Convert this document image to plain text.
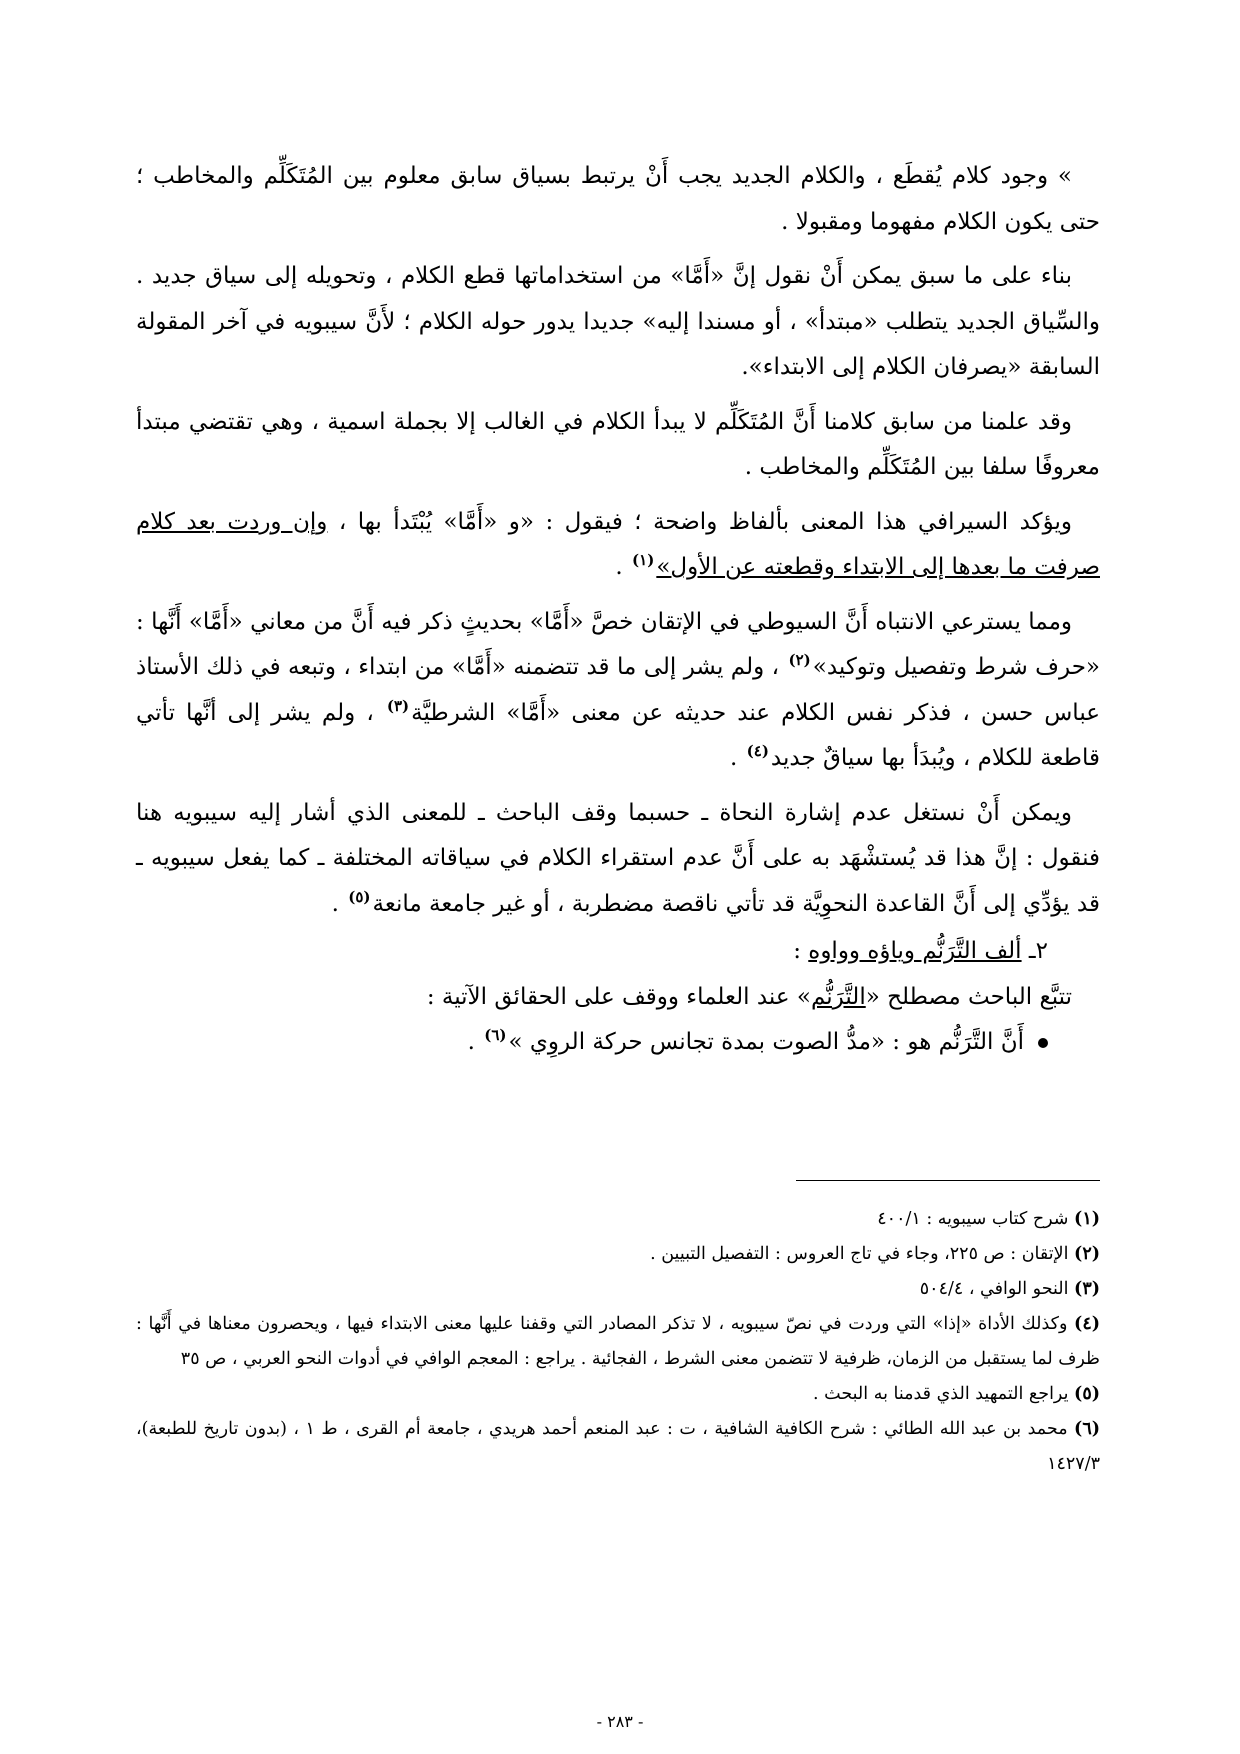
» وجود كلام يُقطَع ، والكلام الجديد يجب أَنْ يرتبط بسياق سابق معلوم بين المُتَكَلِّم والمخاطب ؛ حتى يكون الكلام مفهوما ومقبولا .

بناء على ما سبق يمكن أَنْ نقول إنَّ «أَمَّا» من استخداماتها قطع الكلام ، وتحويله إلى سياق جديد . والسِّياق الجديد يتطلب «مبتدأ» ، أو مسندا إليه» جديدا يدور حوله الكلام ؛ لأَنَّ سيبويه في آخر المقولة السابقة «يصرفان الكلام إلى الابتداء».

وقد علمنا من سابق كلامنا أَنَّ المُتَكَلِّم لا يبدأ الكلام في الغالب إلا بجملة اسمية ، وهي تقتضي مبتدأ معروفًا سلفا بين المُتَكَلِّم والمخاطب .

ويؤكد السيرافي هذا المعنى بألفاظ واضحة ؛ فيقول : «و «أَمَّا» يُبْتَدأ بها ، وإن وردت بعد كلام صرفت ما بعدها إلى الابتداء وقطعته عن الأول»$^{(١)}$ .

ومما يسترعي الانتباه أَنَّ السيوطي في الإتقان خصَّ «أَمَّا» بحديثٍ ذكر فيه أَنَّ من معاني «أَمَّا» أَنَّها : «حرف شرط وتفصيل وتوكيد»$^{(٢)}$ ، ولم يشر إلى ما قد تتضمنه «أَمَّا» من ابتداء ، وتبعه في ذلك الأستاذ عباس حسن ، فذكر نفس الكلام عند حديثه عن معنى «أَمَّا» الشرطيَّة$^{(٣)}$ ، ولم يشر إلى أنَّها تأتي قاطعة للكلام ، ويُبدَأ بها سياقٌ جديد$^{(٤)}$ .

ويمكن أَنْ نستغل عدم إشارة النحاة ـ حسبما وقف الباحث ـ للمعنى الذي أشار إليه سيبويه هنا فنقول : إنَّ هذا قد يُستشْهَد به على أَنَّ عدم استقراء الكلام في سياقاته المختلفة ـ كما يفعل سيبويه ـ قد يؤدِّي إلى أَنَّ القاعدة النحوِيَّة قد تأتي ناقصة مضطربة ، أو غير جامعة مانعة$^{(٥)}$ .

٢ـ ألف التَّرَنُّم وياؤه وواوه :

تتبَّع الباحث مصطلح «التَّرَنُّم» عند العلماء ووقف على الحقائق الآتية :

أَنَّ التَّرَنُّم هو : «مدُّ الصوت بمدة تجانس حركة الروِي »$^{(٦)}$ .

(١) شرح كتاب سيبويه : ٤٠٠/١

(٢) الإتقان : ص ٢٢٥، وجاء في تاج العروس : التفصيل التبيين .

(٣) النحو الوافي ، ٥٠٤/٤

(٤) وكذلك الأداة «إذا» التي وردت في نصّ سيبويه ، لا تذكر المصادر التي وقفنا عليها معنى الابتداء فيها ، ويحصرون معناها في أَنَّها : ظرف لما يستقبل من الزمان، ظرفية لا تتضمن معنى الشرط ، الفجائية . يراجع : المعجم الوافي في أدوات النحو العربي ، ص ٣٥

(٥) يراجع التمهيد الذي قدمنا به البحث .

(٦) محمد بن عبد الله الطائي : شرح الكافية الشافية ، ت : عبد المنعم أحمد هريدي ، جامعة أم القرى ، ط ١ ، (بدون تاريخ للطبعة)، ١٤٢٧/٣

- ٢٨٣ -
